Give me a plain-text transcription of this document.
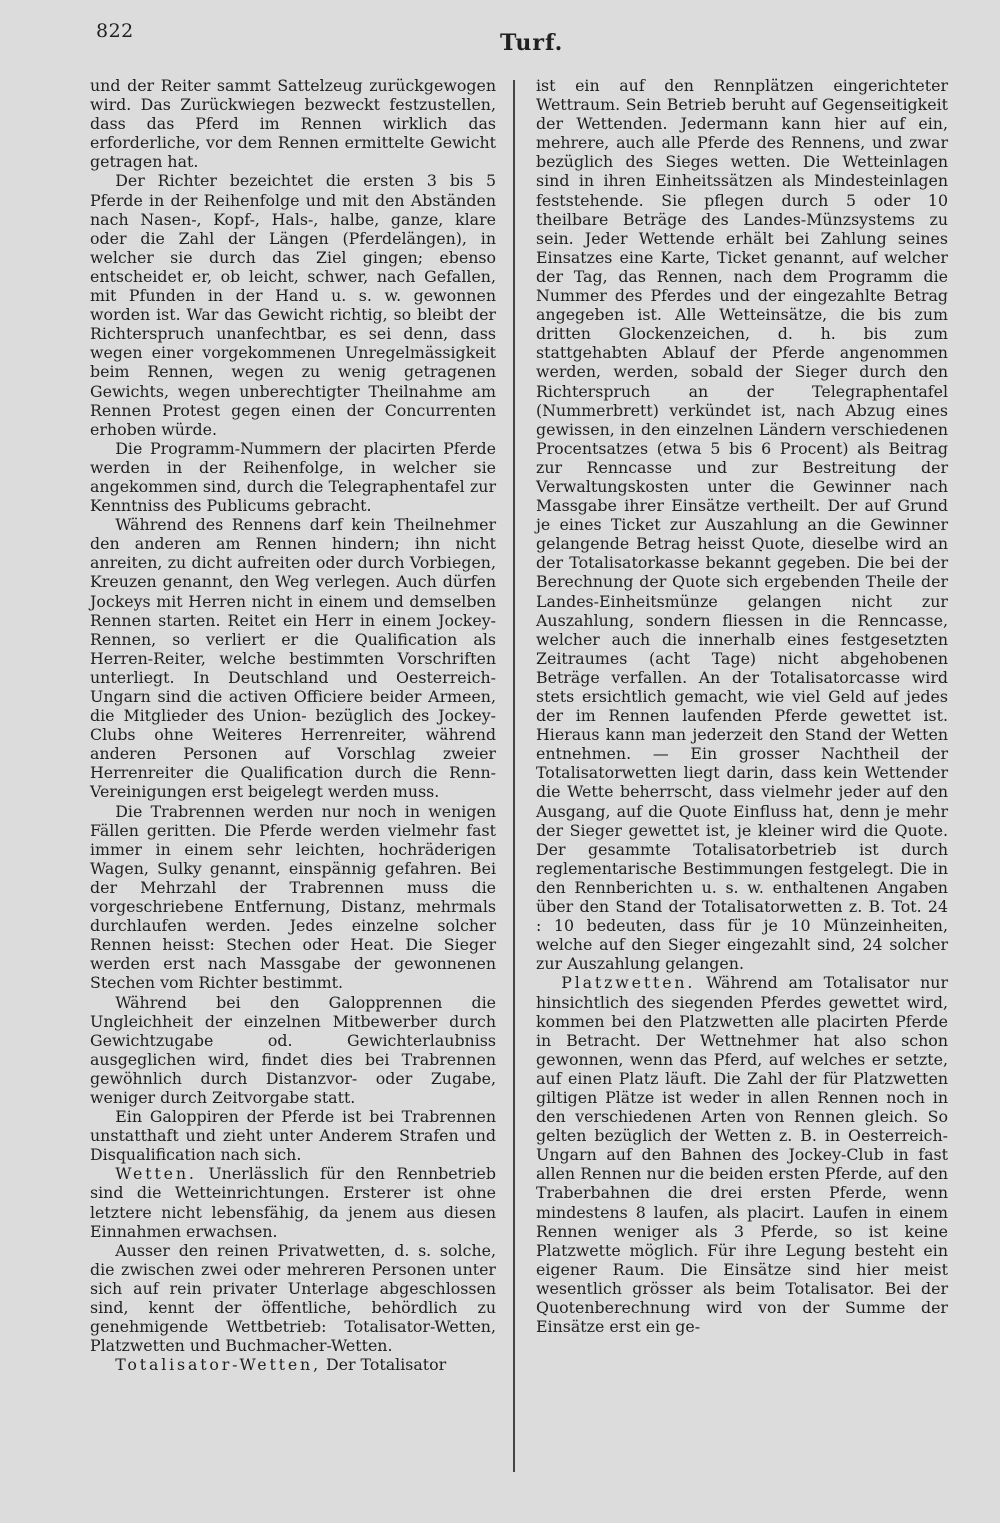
822	Turf.

und der Reiter sammt Sattelzeug zurückgewogen wird. Das Zurückwiegen bezweckt festzustellen, dass das Pferd im Rennen wirklich das erforderliche, vor dem Rennen ermittelte Gewicht getragen hat.

Der Richter bezeichtet die ersten 3 bis 5 Pferde in der Reihenfolge und mit den Abständen nach Nasen-, Kopf-, Hals-, halbe, ganze, klare oder die Zahl der Längen (Pferdelängen), in welcher sie durch das Ziel gingen; ebenso entscheidet er, ob leicht, schwer, nach Gefallen, mit Pfunden in der Hand u. s. w. gewonnen worden ist. War das Gewicht richtig, so bleibt der Richterspruch unanfechtbar, es sei denn, dass wegen einer vorgekommenen Unregelmässigkeit beim Rennen, wegen zu wenig getragenen Gewichts, wegen unberechtigter Theilnahme am Rennen Protest gegen einen der Concurrenten erhoben würde.

Die Programm-Nummern der placirten Pferde werden in der Reihenfolge, in welcher sie angekommen sind, durch die Telegraphentafel zur Kenntniss des Publicums gebracht.

Während des Rennens darf kein Theilnehmer den anderen am Rennen hindern; ihn nicht anreiten, zu dicht aufreiten oder durch Vorbiegen, Kreuzen genannt, den Weg verlegen. Auch dürfen Jockeys mit Herren nicht in einem und demselben Rennen starten. Reitet ein Herr in einem Jockey-Rennen, so verliert er die Qualification als Herren-Reiter, welche bestimmten Vorschriften unterliegt. In Deutschland und Oesterreich-Ungarn sind die activen Officiere beider Armeen, die Mitglieder des Union- bezüglich des Jockey-Clubs ohne Weiteres Herrenreiter, während anderen Personen auf Vorschlag zweier Herrenreiter die Qualification durch die Renn-Vereinigungen erst beigelegt werden muss.

Die Trabrennen werden nur noch in wenigen Fällen geritten. Die Pferde werden vielmehr fast immer in einem sehr leichten, hochräderigen Wagen, Sulky genannt, einspännig gefahren. Bei der Mehrzahl der Trabrennen muss die vorgeschriebene Entfernung, Distanz, mehrmals durchlaufen werden. Jedes einzelne solcher Rennen heisst: Stechen oder Heat. Die Sieger werden erst nach Massgabe der gewonnenen Stechen vom Richter bestimmt.

Während bei den Galopprennen die Ungleichheit der einzelnen Mitbewerber durch Gewichtzugabe od. Gewichterlaubniss ausgeglichen wird, findet dies bei Trabrennen gewöhnlich durch Distanzvor- oder Zugabe, weniger durch Zeitvorgabe statt.

Ein Galoppiren der Pferde ist bei Trabrennen unstatthaft und zieht unter Anderem Strafen und Disqualification nach sich.

Wetten. Unerlässlich für den Rennbetrieb sind die Wetteinrichtungen. Ersterer ist ohne letztere nicht lebensfähig, da jenem aus diesen Einnahmen erwachsen.

Ausser den reinen Privatwetten, d. s. solche, die zwischen zwei oder mehreren Personen unter sich auf rein privater Unterlage abgeschlossen sind, kennt der öffentliche, behördlich zu genehmigende Wettbetrieb: Totalisator-Wetten, Platzwetten und Buchmacher-Wetten.

Totalisator-Wetten, Der Totalisator

ist ein auf den Rennplätzen eingerichteter Wettraum. Sein Betrieb beruht auf Gegenseitigkeit der Wettenden. Jedermann kann hier auf ein, mehrere, auch alle Pferde des Rennens, und zwar bezüglich des Sieges wetten. Die Wetteinlagen sind in ihren Einheitssätzen als Mindesteinlagen feststehende. Sie pflegen durch 5 oder 10 theilbare Beträge des Landes-Münzsystems zu sein. Jeder Wettende erhält bei Zahlung seines Einsatzes eine Karte, Ticket genannt, auf welcher der Tag, das Rennen, nach dem Programm die Nummer des Pferdes und der eingezahlte Betrag angegeben ist. Alle Wetteinsätze, die bis zum dritten Glockenzeichen, d. h. bis zum stattgehabten Ablauf der Pferde angenommen werden, werden, sobald der Sieger durch den Richterspruch an der Telegraphentafel (Nummerbrett) verkündet ist, nach Abzug eines gewissen, in den einzelnen Ländern verschiedenen Procentsatzes (etwa 5 bis 6 Procent) als Beitrag zur Renncasse und zur Bestreitung der Verwaltungskosten unter die Gewinner nach Massgabe ihrer Einsätze vertheilt. Der auf Grund je eines Ticket zur Auszahlung an die Gewinner gelangende Betrag heisst Quote, dieselbe wird an der Totalisatorkasse bekannt gegeben. Die bei der Berechnung der Quote sich ergebenden Theile der Landes-Einheitsmünze gelangen nicht zur Auszahlung, sondern fliessen in die Renncasse, welcher auch die innerhalb eines festgesetzten Zeitraumes (acht Tage) nicht abgehobenen Beträge verfallen. An der Totalisatorcasse wird stets ersichtlich gemacht, wie viel Geld auf jedes der im Rennen laufenden Pferde gewettet ist. Hieraus kann man jederzeit den Stand der Wetten entnehmen. — Ein grosser Nachtheil der Totalisatorwetten liegt darin, dass kein Wettender die Wette beherrscht, dass vielmehr jeder auf den Ausgang, auf die Quote Einfluss hat, denn je mehr der Sieger gewettet ist, je kleiner wird die Quote. Der gesammte Totalisatorbetrieb ist durch reglementarische Bestimmungen festgelegt. Die in den Rennberichten u. s. w. enthaltenen Angaben über den Stand der Totalisatorwetten z. B. Tot. 24 : 10 bedeuten, dass für je 10 Münzeinheiten, welche auf den Sieger eingezahlt sind, 24 solcher zur Auszahlung gelangen.

Platzwetten. Während am Totalisator nur hinsichtlich des siegenden Pferdes gewettet wird, kommen bei den Platzwetten alle placirten Pferde in Betracht. Der Wettnehmer hat also schon gewonnen, wenn das Pferd, auf welches er setzte, auf einen Platz läuft. Die Zahl der für Platzwetten giltigen Plätze ist weder in allen Rennen noch in den verschiedenen Arten von Rennen gleich. So gelten bezüglich der Wetten z. B. in Oesterreich-Ungarn auf den Bahnen des Jockey-Club in fast allen Rennen nur die beiden ersten Pferde, auf den Traberbahnen die drei ersten Pferde, wenn mindestens 8 laufen, als placirt. Laufen in einem Rennen weniger als 3 Pferde, so ist keine Platzwette möglich. Für ihre Legung besteht ein eigener Raum. Die Einsätze sind hier meist wesentlich grösser als beim Totalisator. Bei der Quotenberechnung wird von der Summe der Einsätze erst ein ge-
